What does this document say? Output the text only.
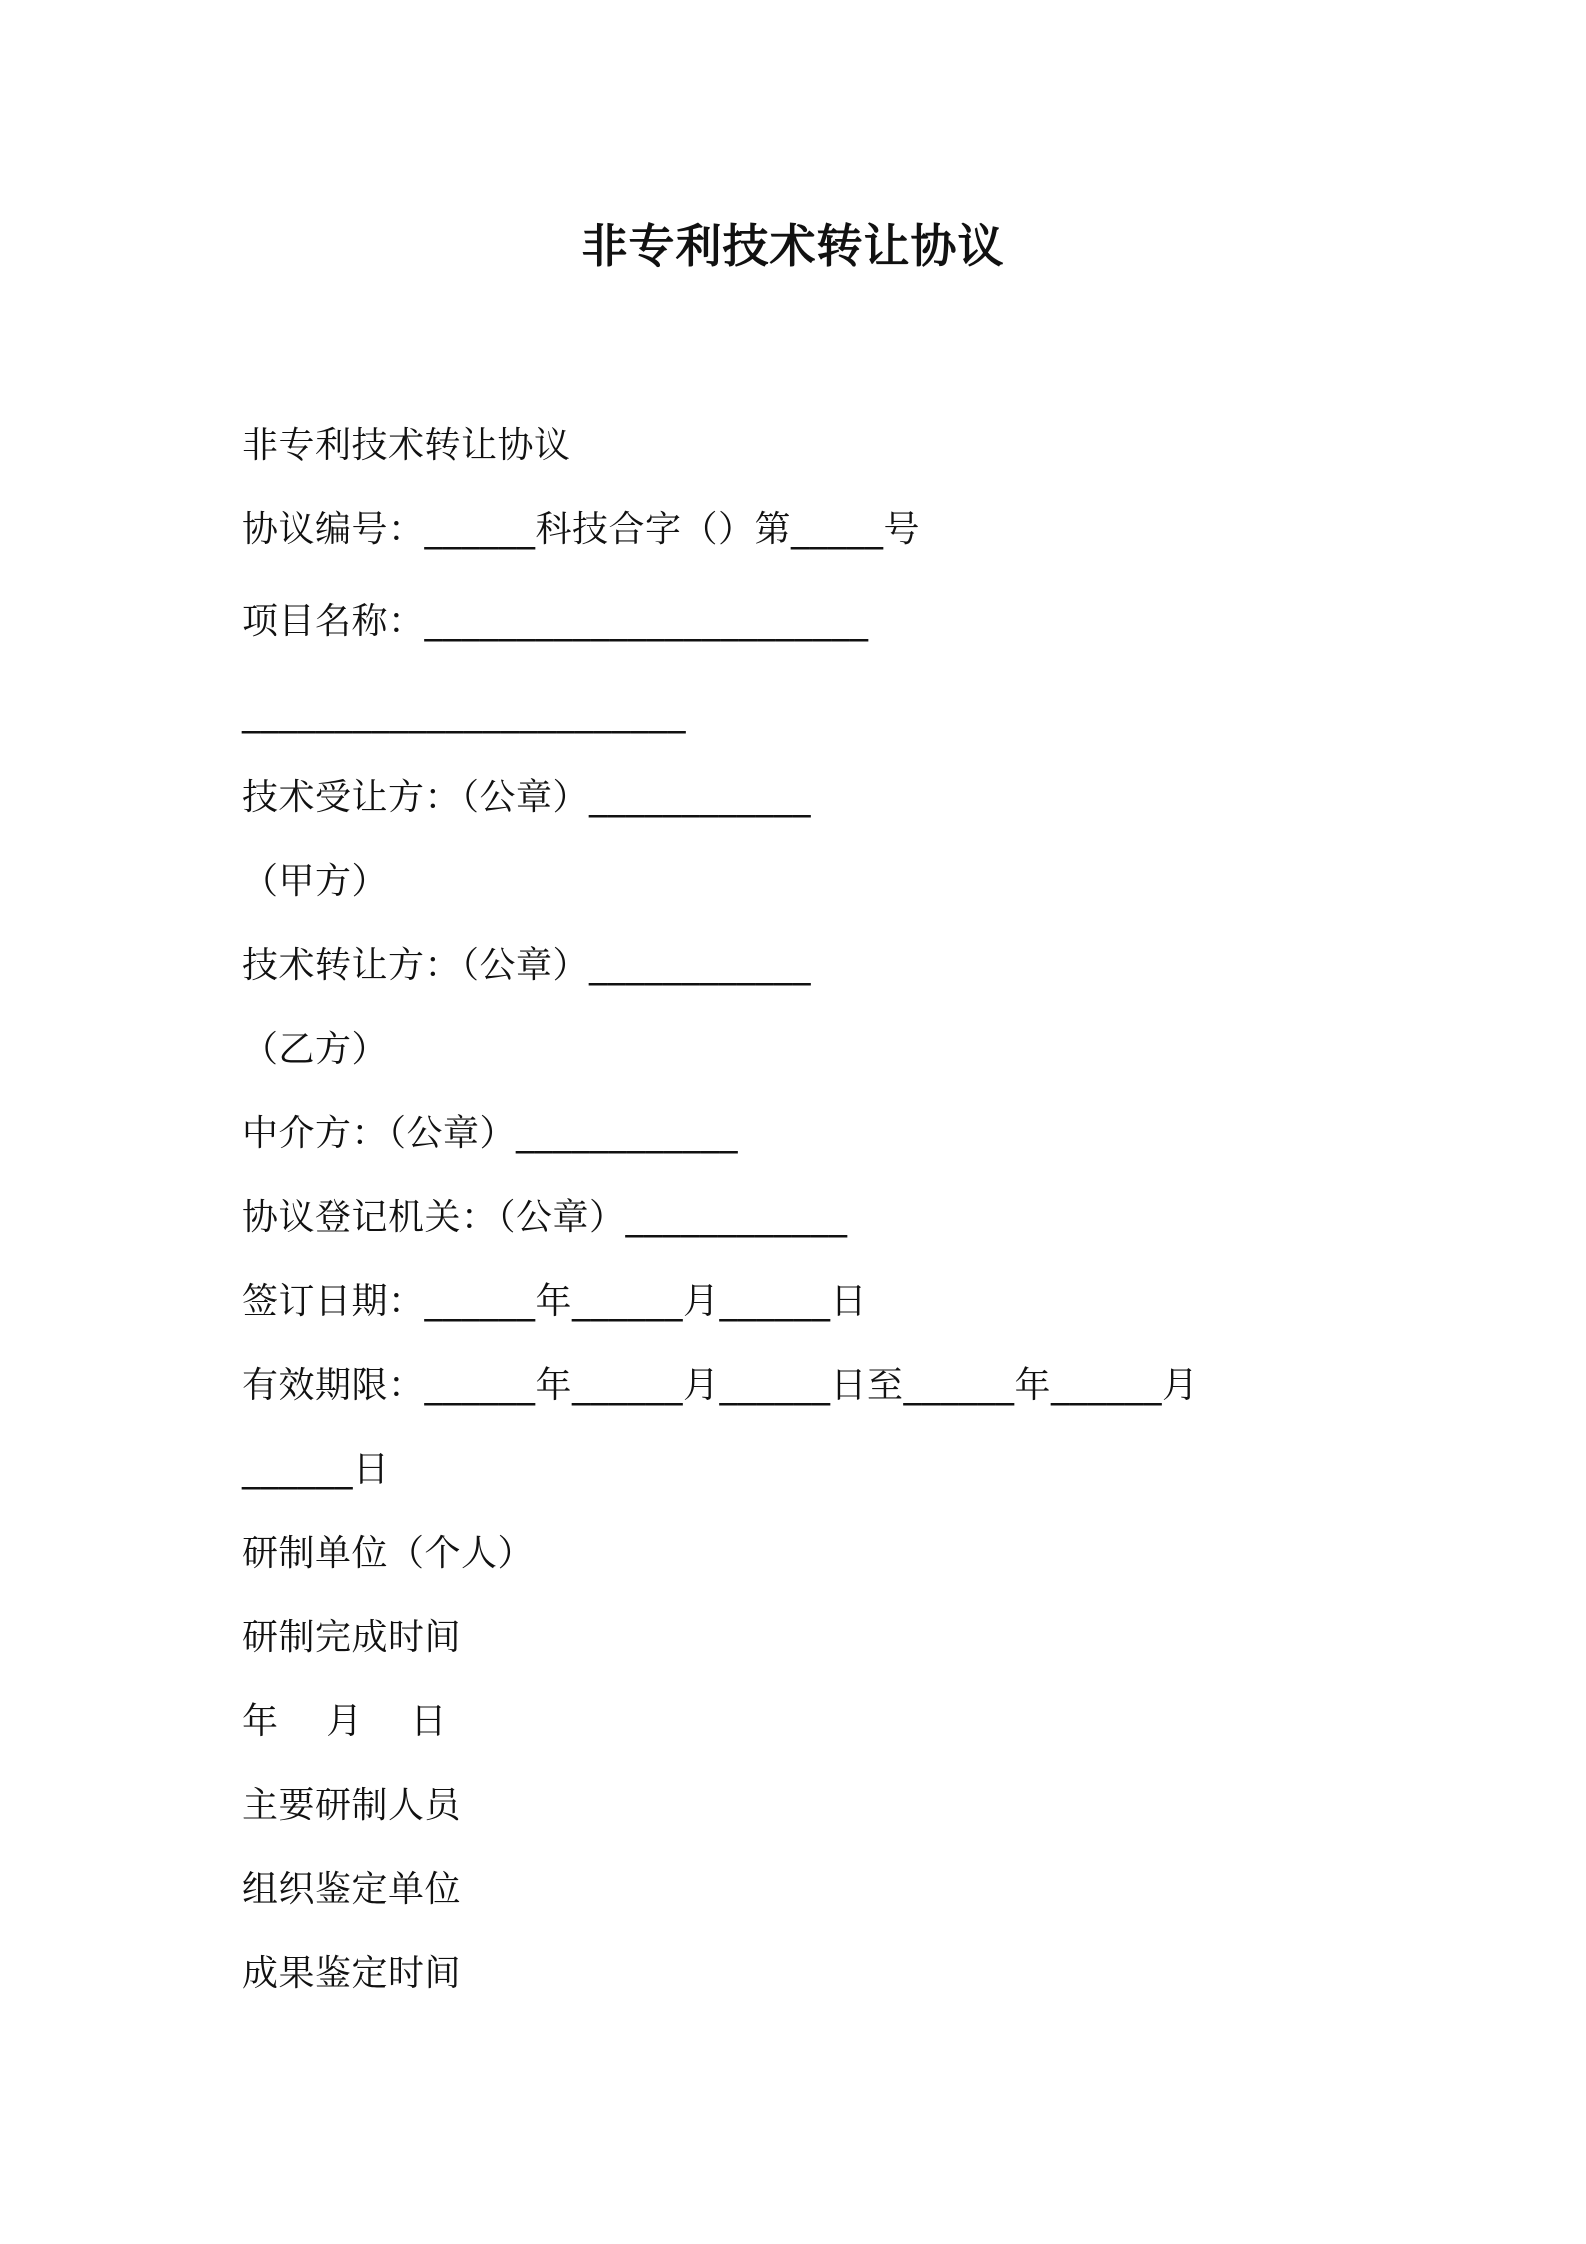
非专利技术转让协议
非专利技术转让协议
协议编号：______科技合字（）第_____号
项目名称：________________________
________________________
技术受让方：（公章）____________
（甲方）
技术转让方：（公章）____________
（乙方）
中介方：（公章）____________
协议登记机关：（公章）____________
签订日期：______年______月______日
有效期限：______年______月______日至______年______月
______日
研制单位（个人）
研制完成时间
年    月    日
主要研制人员
组织鉴定单位
成果鉴定时间
